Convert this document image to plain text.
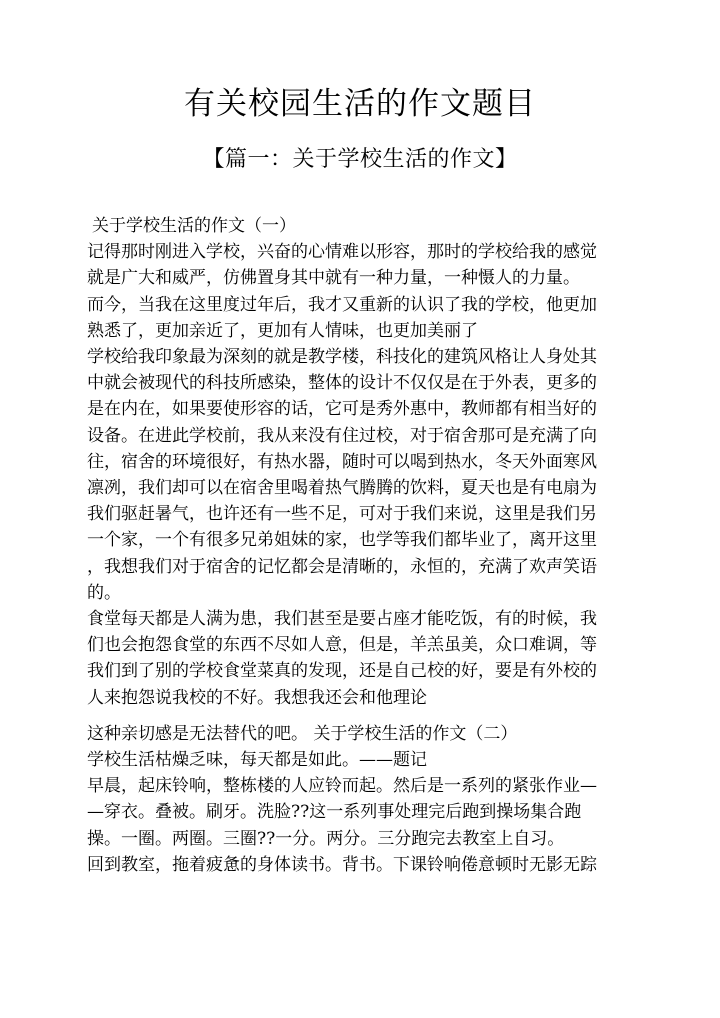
有关校园生活的作文题目
【篇一：关于学校生活的作文】
关于学校生活的作文（一）
记得那时刚进入学校，兴奋的心情难以形容，那时的学校给我的感觉
就是广大和威严，仿佛置身其中就有一种力量，一种慑人的力量。
而今，当我在这里度过年后，我才又重新的认识了我的学校，他更加
熟悉了，更加亲近了，更加有人情味，也更加美丽了
学校给我印象最为深刻的就是教学楼，科技化的建筑风格让人身处其
中就会被现代的科技所感染，整体的设计不仅仅是在于外表，更多的
是在内在，如果要使形容的话，它可是秀外惠中，教师都有相当好的
设备。在进此学校前，我从来没有住过校，对于宿舍那可是充满了向
往，宿舍的环境很好，有热水器，随时可以喝到热水，冬天外面寒风
凛冽，我们却可以在宿舍里喝着热气腾腾的饮料，夏天也是有电扇为
我们驱赶暑气，也许还有一些不足，可对于我们来说，这里是我们另
一个家，一个有很多兄弟姐妹的家，也学等我们都毕业了，离开这里
，我想我们对于宿舍的记忆都会是清晰的，永恒的，充满了欢声笑语
的。
食堂每天都是人满为患，我们甚至是要占座才能吃饭，有的时候，我
们也会抱怨食堂的东西不尽如人意，但是，羊羔虽美，众口难调，等
我们到了别的学校食堂菜真的发现，还是自己校的好，要是有外校的
人来抱怨说我校的不好。我想我还会和他理论
这种亲切感是无法替代的吧。 关于学校生活的作文（二）
学校生活枯燥乏味，每天都是如此。——题记
早晨，起床铃响，整栋楼的人应铃而起。然后是一系列的紧张作业—
—穿衣。叠被。刷牙。洗脸??这一系列事处理完后跑到操场集合跑
操。一圈。两圈。三圈??一分。两分。三分跑完去教室上自习。
回到教室，拖着疲惫的身体读书。背书。下课铃响倦意顿时无影无踪
